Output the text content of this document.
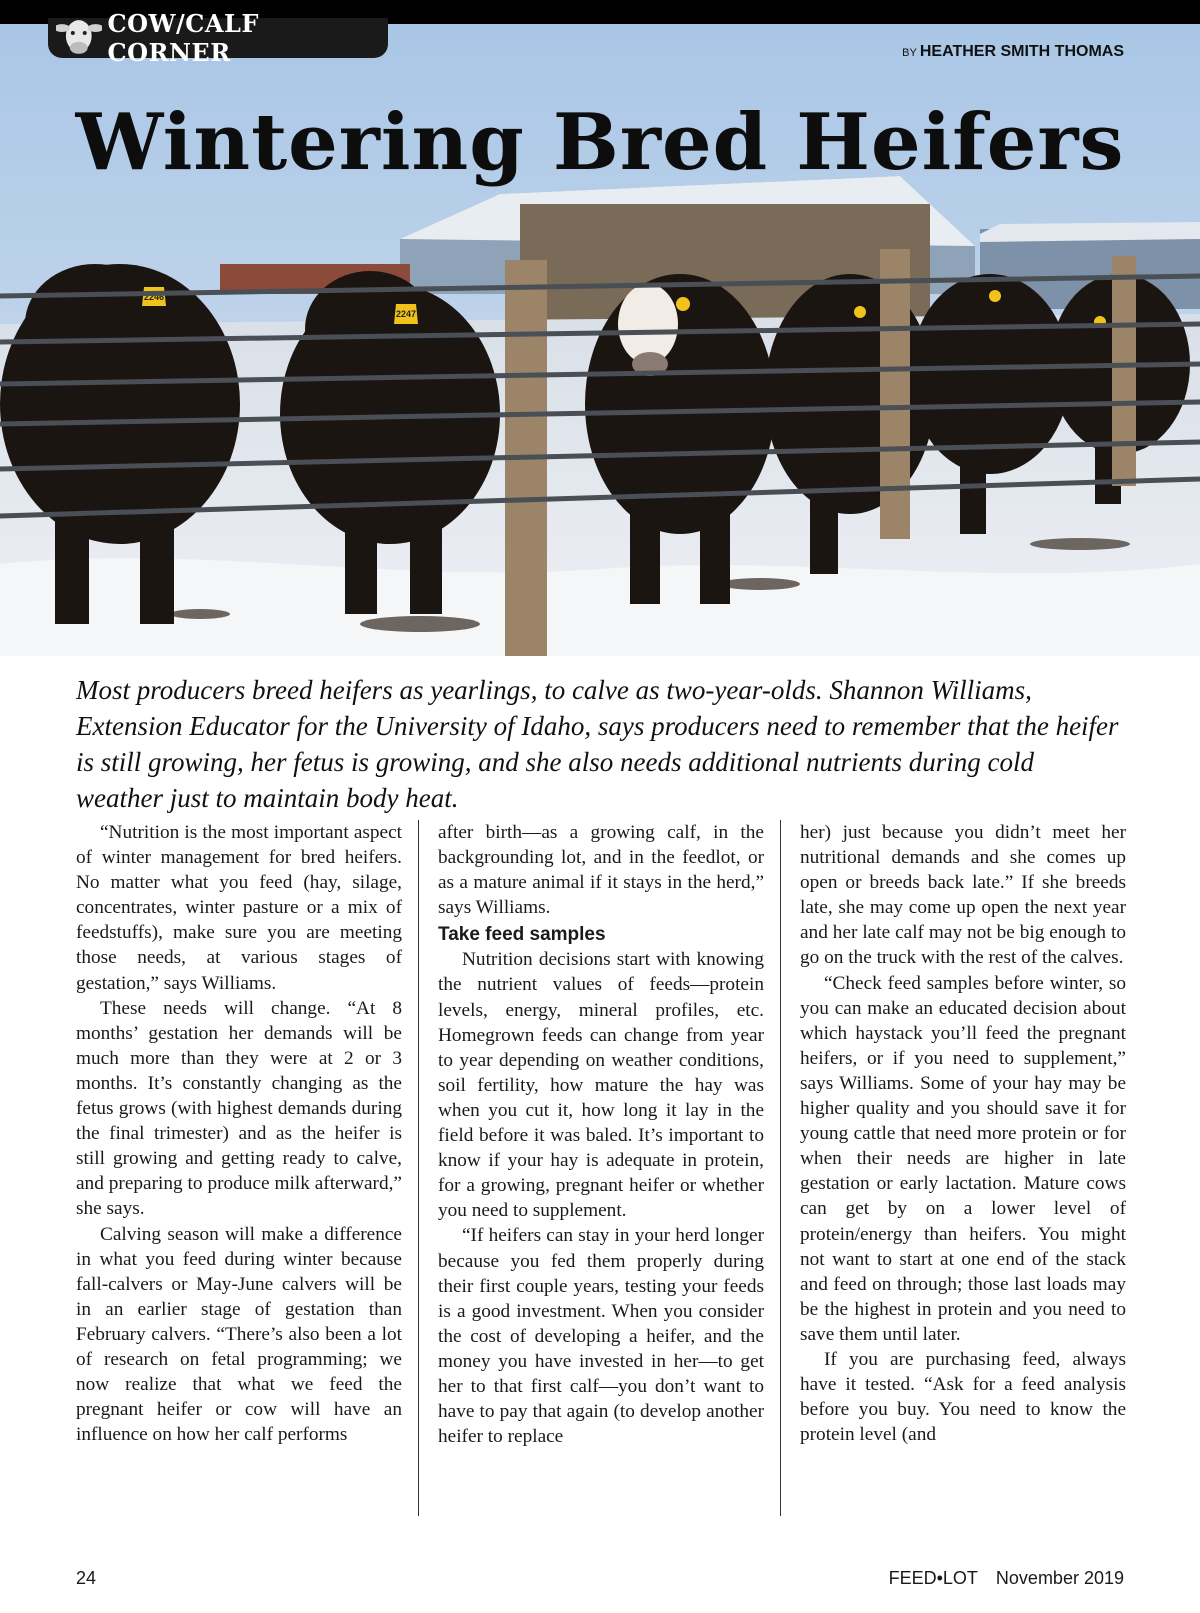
2246
2247
COW/CALF CORNER	BY HEATHER SMITH THOMAS
Wintering Bred Heifers
Most producers breed heifers as yearlings, to calve as two-year-olds. Shannon Williams, Extension Educator for the University of Idaho, says producers need to remember that the heifer is still growing, her fetus is growing, and she also needs additional nutrients during cold weather just to maintain body heat.

“Nutrition is the most important aspect of winter management for bred heifers. No matter what you feed (hay, silage, concentrates, winter pasture or a mix of feedstuffs), make sure you are meeting those needs, at various stages of gestation,” says Williams.

These needs will change. “At 8 months’ gestation her demands will be much more than they were at 2 or 3 months. It’s constantly changing as the fetus grows (with highest demands during the final trimester) and as the heifer is still growing and getting ready to calve, and preparing to produce milk afterward,” she says.

Calving season will make a difference in what you feed during winter because fall-calvers or May-June calvers will be in an earlier stage of gestation than February calvers. “There’s also been a lot of research on fetal programming; we now realize that what we feed the pregnant heifer or cow will have an influence on how her calf performs

after birth—as a growing calf, in the backgrounding lot, and in the feedlot, or as a mature animal if it stays in the herd,” says Williams.

Take feed samples

Nutrition decisions start with knowing the nutrient values of feeds—protein levels, energy, mineral profiles, etc. Homegrown feeds can change from year to year depending on weather conditions, soil fertility, how mature the hay was when you cut it, how long it lay in the field before it was baled. It’s important to know if your hay is adequate in protein, for a growing, pregnant heifer or whether you need to supplement.

“If heifers can stay in your herd longer because you fed them properly during their first couple years, testing your feeds is a good investment. When you consider the cost of developing a heifer, and the money you have invested in her—to get her to that first calf—you don’t want to have to pay that again (to develop another heifer to replace

her) just because you didn’t meet her nutritional demands and she comes up open or breeds back late.” If she breeds late, she may come up open the next year and her late calf may not be big enough to go on the truck with the rest of the calves.

“Check feed samples before winter, so you can make an educated decision about which haystack you’ll feed the pregnant heifers, or if you need to supplement,” says Williams. Some of your hay may be higher quality and you should save it for young cattle that need more protein or for when their needs are higher in late gestation or early lactation. Mature cows can get by on a lower level of protein/energy than heifers. You might not want to start at one end of the stack and feed on through; those last loads may be the highest in protein and you need to save them until later.

If you are purchasing feed, always have it tested. “Ask for a feed analysis before you buy. You need to know the protein level (and

24	FEED•LOT November 2019
